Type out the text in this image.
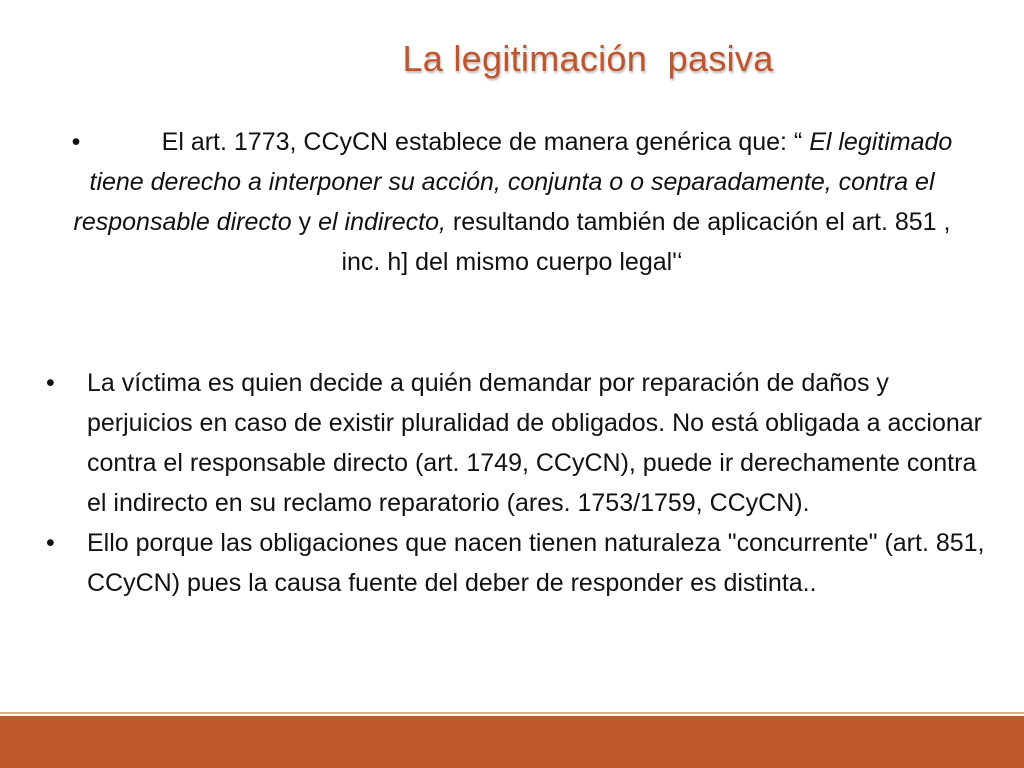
La legitimación  pasiva
•	El art. 1773, CCyCN establece de manera genérica que: “ El legitimado tiene derecho a interponer su acción, conjunta o o separadamente, contra el responsable directo y el indirecto, resultando también de aplicación el art. 851 , inc. h] del mismo cuerpo legal'‘
• La víctima es quien decide a quién demandar por reparación de daños y perjuicios en caso de existir pluralidad de obligados. No está obligada a accionar contra el responsable directo (art. 1749, CCyCN), puede ir derechamente contra el indirecto en su reclamo reparatorio (ares. 1753/1759, CCyCN).
• Ello porque las obligaciones que nacen tienen naturaleza "concurrente" (art. 851, CCyCN) pues la causa fuente del deber de responder es distinta..
